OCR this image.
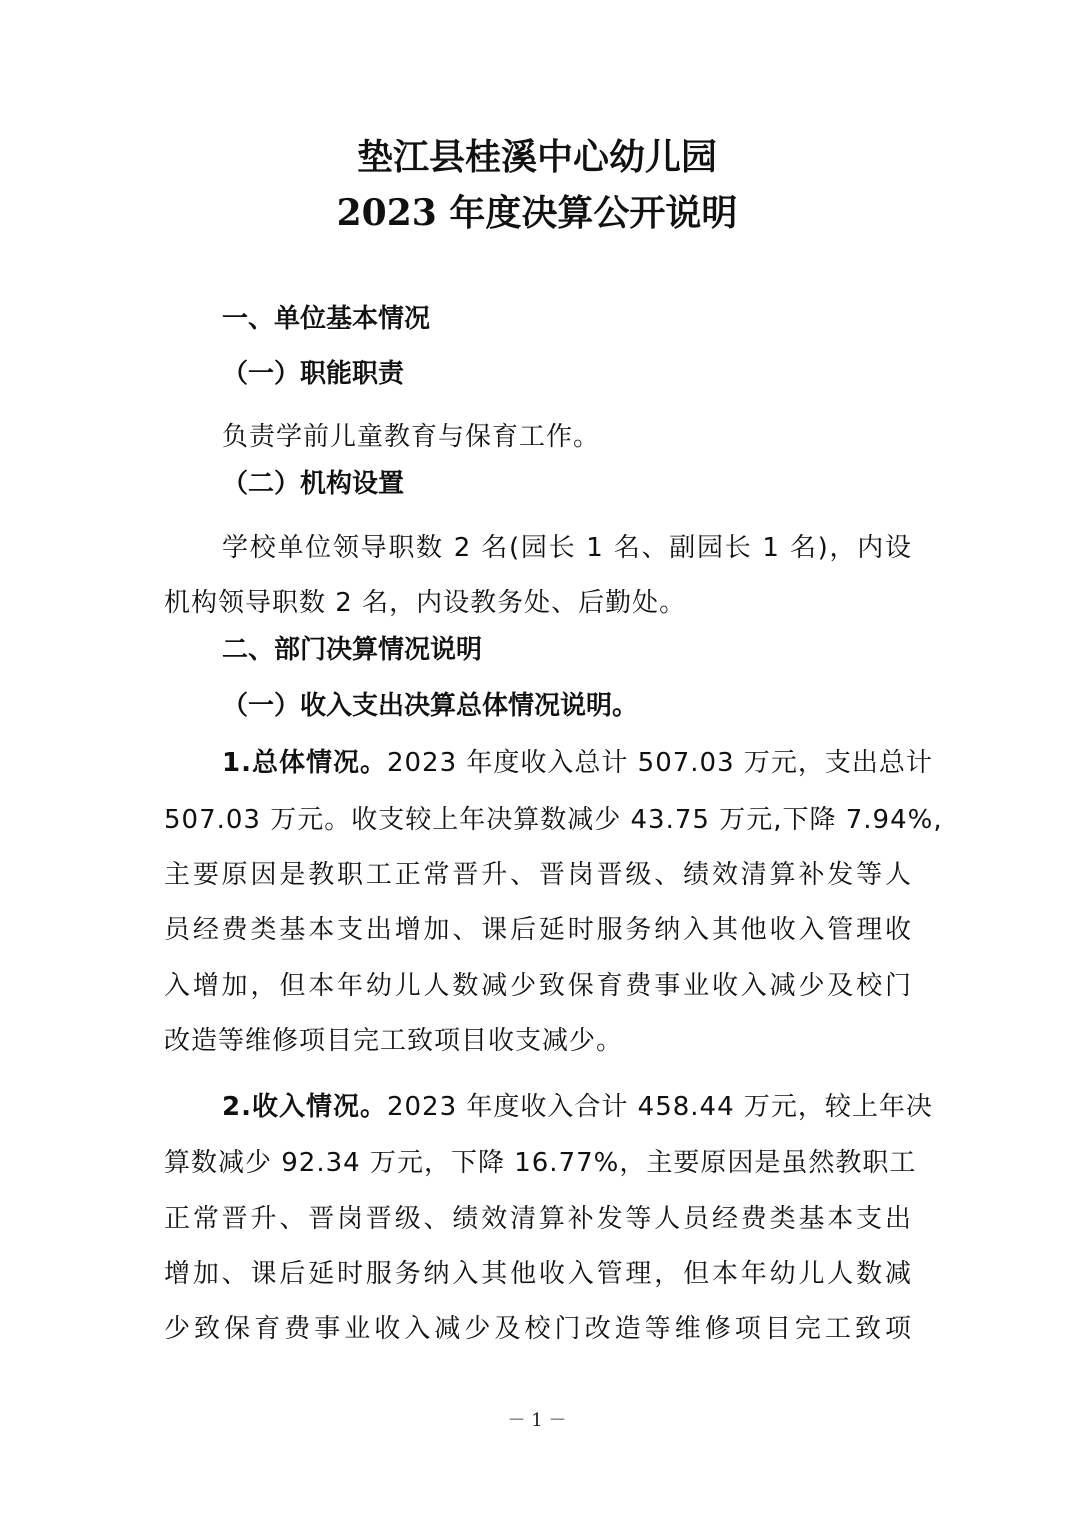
垫江县桂溪中心幼儿园
2023 年度决算公开说明
一、单位基本情况
（一）职能职责
负责学前儿童教育与保育工作。
（二）机构设置
学校单位领导职数 2 名(园长 1 名、副园长 1 名)，内设
机构领导职数 2 名，内设教务处、后勤处。
二、部门决算情况说明
（一）收入支出决算总体情况说明。
1.总体情况。2023 年度收入总计 507.03 万元，支出总计
507.03 万元。收支较上年决算数减少 43.75 万元,下降 7.94%,
主要原因是教职工正常晋升、晋岗晋级、绩效清算补发等人
员经费类基本支出增加、课后延时服务纳入其他收入管理收
入增加，但本年幼儿人数减少致保育费事业收入减少及校门
改造等维修项目完工致项目收支减少。
2.收入情况。2023 年度收入合计 458.44 万元，较上年决
算数减少 92.34 万元，下降 16.77%，主要原因是虽然教职工
正常晋升、晋岗晋级、绩效清算补发等人员经费类基本支出
增加、课后延时服务纳入其他收入管理，但本年幼儿人数减
少致保育费事业收入减少及校门改造等维修项目完工致项
－ 1 －
